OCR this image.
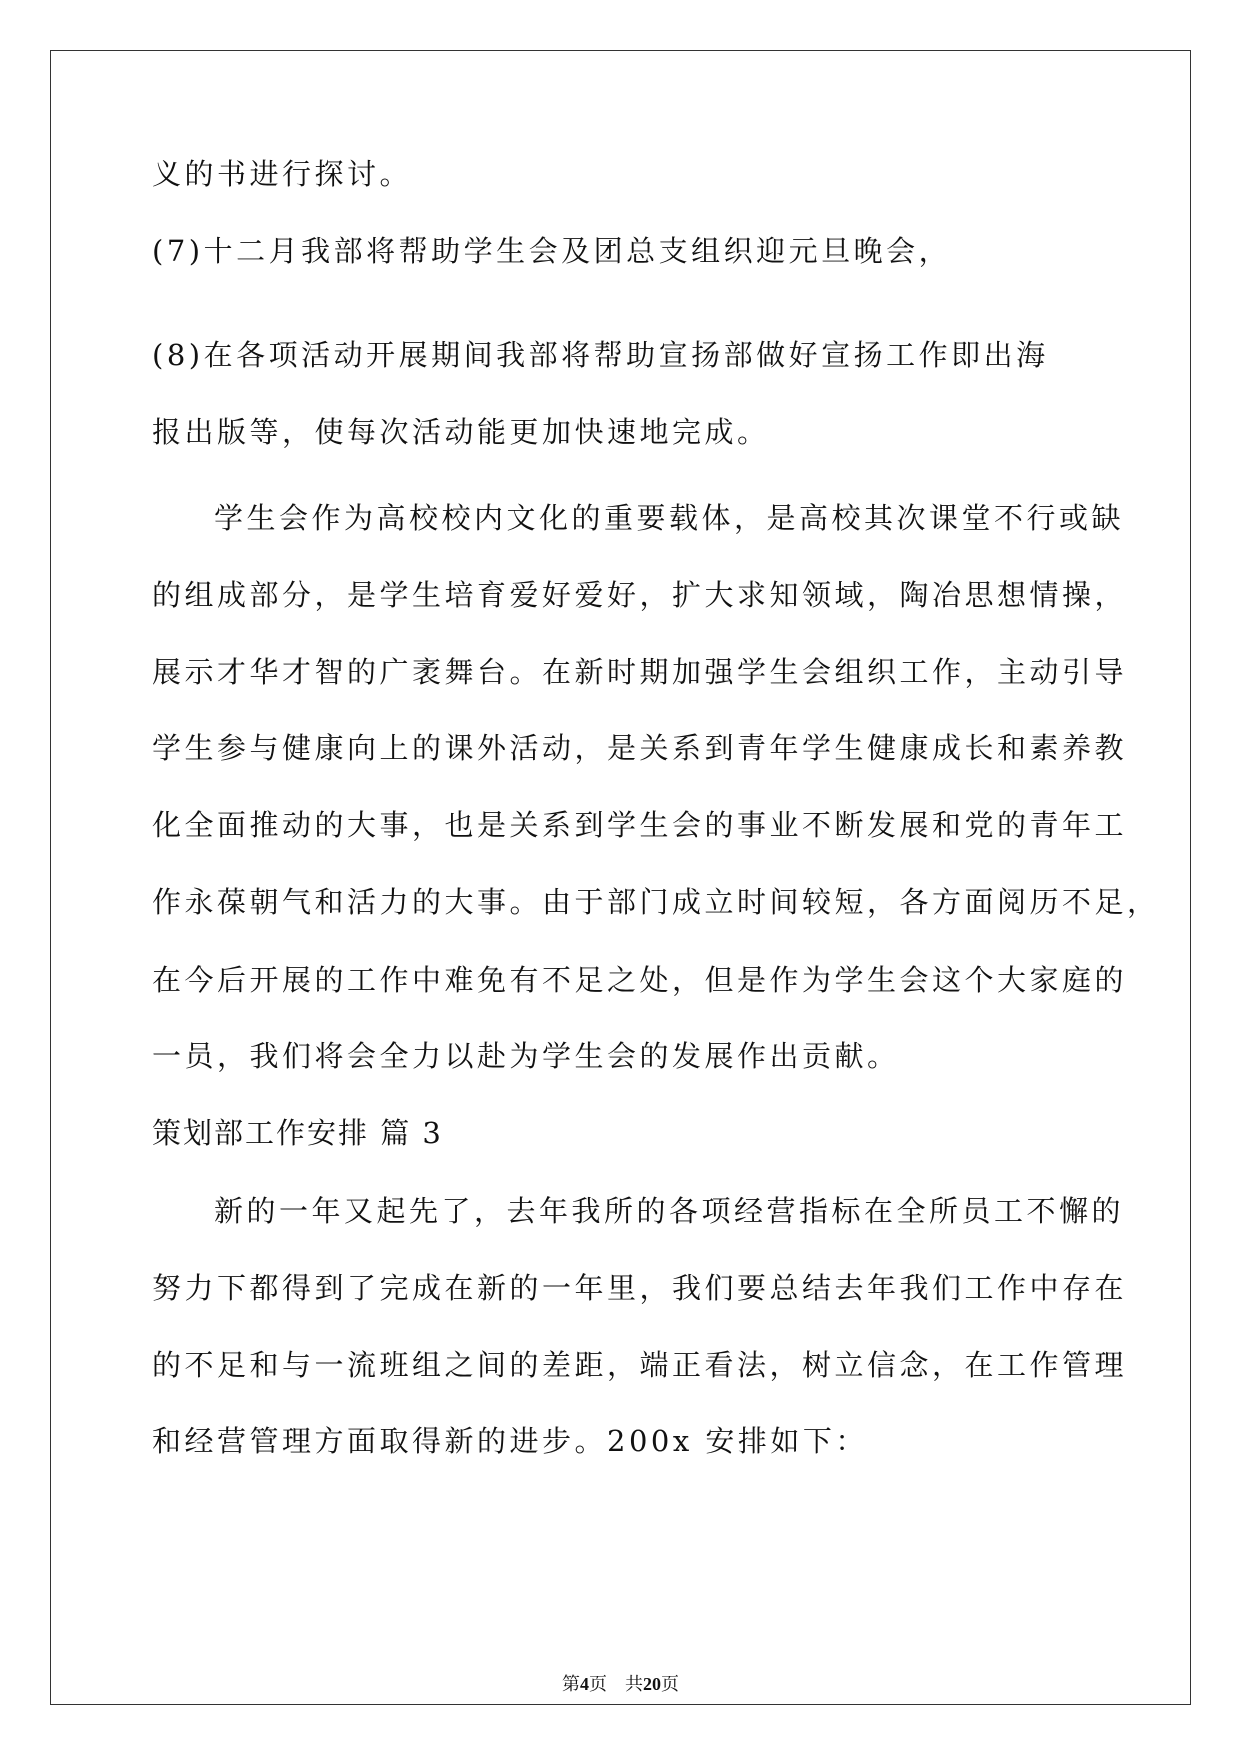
义的书进行探讨。
(7)十二月我部将帮助学生会及团总支组织迎元旦晚会，
(8)在各项活动开展期间我部将帮助宣扬部做好宣扬工作即出海
报出版等，使每次活动能更加快速地完成。
学生会作为高校校内文化的重要载体，是高校其次课堂不行或缺
的组成部分，是学生培育爱好爱好，扩大求知领域，陶冶思想情操，
展示才华才智的广袤舞台。在新时期加强学生会组织工作，主动引导
学生参与健康向上的课外活动，是关系到青年学生健康成长和素养教
化全面推动的大事，也是关系到学生会的事业不断发展和党的青年工
作永葆朝气和活力的大事。由于部门成立时间较短，各方面阅历不足，
在今后开展的工作中难免有不足之处，但是作为学生会这个大家庭的
一员，我们将会全力以赴为学生会的发展作出贡献。
策划部工作安排 篇 3
新的一年又起先了，去年我所的各项经营指标在全所员工不懈的
努力下都得到了完成在新的一年里，我们要总结去年我们工作中存在
的不足和与一流班组之间的差距，端正看法，树立信念，在工作管理
和经营管理方面取得新的进步。200x 安排如下：
第4页 共20页
